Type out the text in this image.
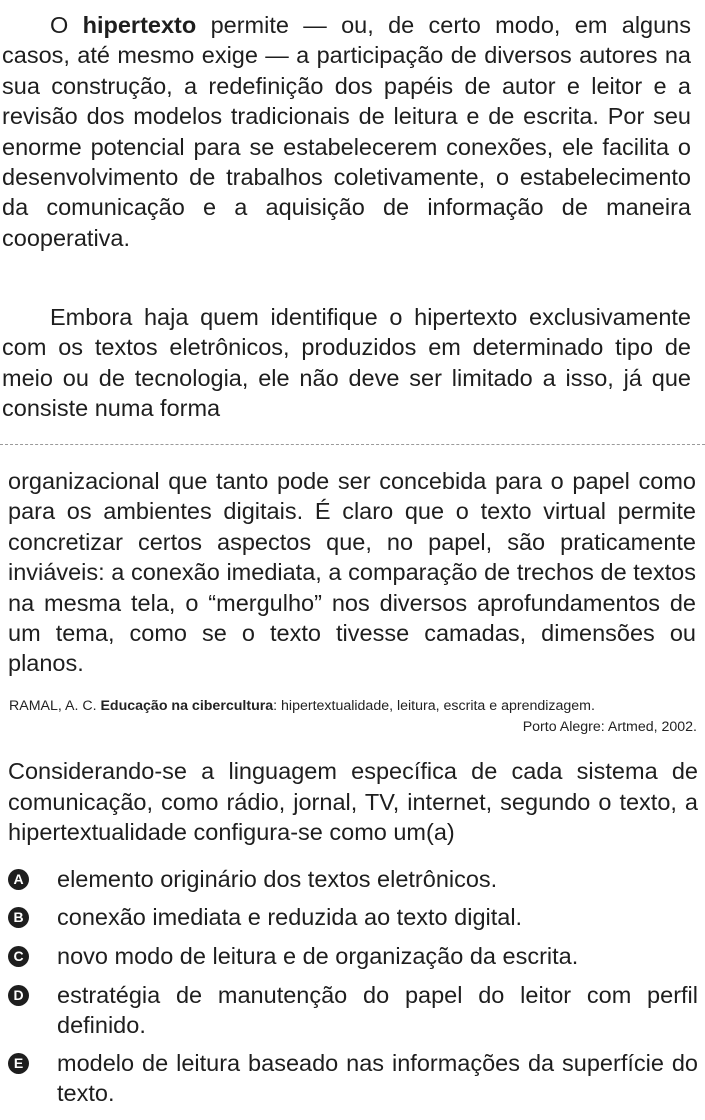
O hipertexto permite — ou, de certo modo, em alguns casos, até mesmo exige — a participação de diversos autores na sua construção, a redefinição dos papéis de autor e leitor e a revisão dos modelos tradicionais de leitura e de escrita. Por seu enorme potencial para se estabelecerem conexões, ele facilita o desenvolvimento de trabalhos coletivamente, o estabelecimento da comunicação e a aquisição de informação de maneira cooperativa.
Embora haja quem identifique o hipertexto exclusivamente com os textos eletrônicos, produzidos em determinado tipo de meio ou de tecnologia, ele não deve ser limitado a isso, já que consiste numa forma
organizacional que tanto pode ser concebida para o papel como para os ambientes digitais. É claro que o texto virtual permite concretizar certos aspectos que, no papel, são praticamente inviáveis: a conexão imediata, a comparação de trechos de textos na mesma tela, o “mergulho” nos diversos aprofundamentos de um tema, como se o texto tivesse camadas, dimensões ou planos.
RAMAL, A. C. Educação na cibercultura: hipertextualidade, leitura, escrita e aprendizagem.
Porto Alegre: Artmed, 2002.
Considerando-se a linguagem específica de cada sistema de comunicação, como rádio, jornal, TV, internet, segundo o texto, a hipertextualidade configura-se como um(a)
A elemento originário dos textos eletrônicos.
B conexão imediata e reduzida ao texto digital.
C novo modo de leitura e de organização da escrita.
D estratégia de manutenção do papel do leitor com perfil definido.
E modelo de leitura baseado nas informações da superfície do texto.
